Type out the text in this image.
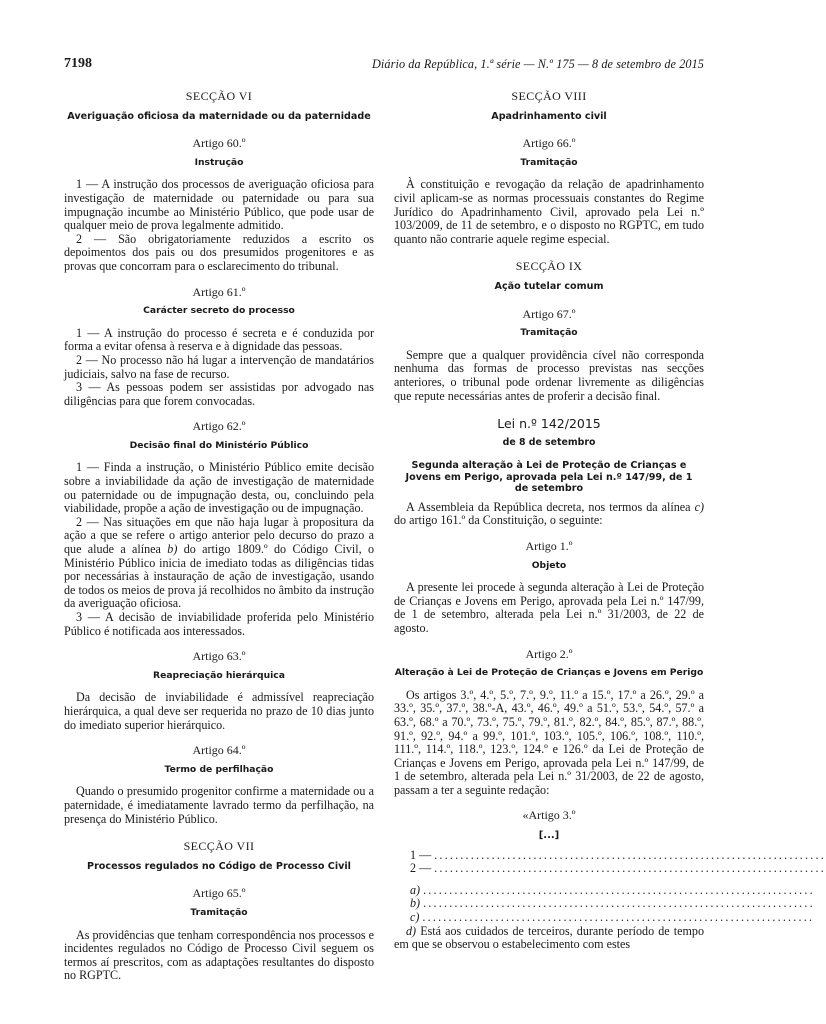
7198	Diário da República, 1.ª série — N.º 175 — 8 de setembro de 2015
SECÇÃO VI
Averiguação oficiosa da maternidade ou da paternidade
Artigo 60.º
Instrução

1 — A instrução dos processos de averiguação oficiosa para investigação de maternidade ou paternidade ou para sua impugnação incumbe ao Ministério Público, que pode usar de qualquer meio de prova legalmente admitido.

2 — São obrigatoriamente reduzidos a escrito os depoimentos dos pais ou dos presumidos progenitores e as provas que concorram para o esclarecimento do tribunal.

Artigo 61.º
Carácter secreto do processo

1 — A instrução do processo é secreta e é conduzida por forma a evitar ofensa à reserva e à dignidade das pessoas.

2 — No processo não há lugar a intervenção de mandatários judiciais, salvo na fase de recurso.

3 — As pessoas podem ser assistidas por advogado nas diligências para que forem convocadas.

Artigo 62.º
Decisão final do Ministério Público

1 — Finda a instrução, o Ministério Público emite decisão sobre a inviabilidade da ação de investigação de maternidade ou paternidade ou de impugnação desta, ou, concluindo pela viabilidade, propõe a ação de investigação ou de impugnação.

2 — Nas situações em que não haja lugar à propositura da ação a que se refere o artigo anterior pelo decurso do prazo a que alude a alínea b) do artigo 1809.º do Código Civil, o Ministério Público inicia de imediato todas as diligências tidas por necessárias à instauração de ação de investigação, usando de todos os meios de prova já recolhidos no âmbito da instrução da averiguação oficiosa.

3 — A decisão de inviabilidade proferida pelo Ministério Público é notificada aos interessados.

Artigo 63.º
Reapreciação hierárquica

Da decisão de inviabilidade é admissível reapreciação hierárquica, a qual deve ser requerida no prazo de 10 dias junto do imediato superior hierárquico.

Artigo 64.º
Termo de perfilhação

Quando o presumido progenitor confirme a maternidade ou a paternidade, é imediatamente lavrado termo da perfilhação, na presença do Ministério Público.

SECÇÃO VII
Processos regulados no Código de Processo Civil
Artigo 65.º
Tramitação

As providências que tenham correspondência nos processos e incidentes regulados no Código de Processo Civil seguem os termos aí prescritos, com as adaptações resultantes do disposto no RGPTC.

SECÇÃO VIII
Apadrinhamento civil
Artigo 66.º
Tramitação

À constituição e revogação da relação de apadrinhamento civil aplicam-se as normas processuais constantes do Regime Jurídico do Apadrinhamento Civil, aprovado pela Lei n.º 103/2009, de 11 de setembro, e o disposto no RGPTC, em tudo quanto não contrarie aquele regime especial.

SECÇÃO IX
Ação tutelar comum
Artigo 67.º
Tramitação

Sempre que a qualquer providência cível não corresponda nenhuma das formas de processo previstas nas secções anteriores, o tribunal pode ordenar livremente as diligências que repute necessárias antes de proferir a decisão final.

Lei n.º 142/2015
de 8 de setembro
Segunda alteração à Lei de Proteção de Crianças e Jovens em Perigo, aprovada pela Lei n.º 147/99, de 1 de setembro

A Assembleia da República decreta, nos termos da alínea c) do artigo 161.º da Constituição, o seguinte:

Artigo 1.º
Objeto

A presente lei procede à segunda alteração à Lei de Proteção de Crianças e Jovens em Perigo, aprovada pela Lei n.º 147/99, de 1 de setembro, alterada pela Lei n.º 31/2003, de 22 de agosto.

Artigo 2.º
Alteração à Lei de Proteção de Crianças e Jovens em Perigo

Os artigos 3.º, 4.º, 5.º, 7.º, 9.º, 11.º a 15.º, 17.º a 26.º, 29.º a 33.º, 35.º, 37.º, 38.º-A, 43.º, 46.º, 49.º a 51.º, 53.º, 54.º, 57.º a 63.º, 68.º a 70.º, 73.º, 75.º, 79.º, 81.º, 82.º, 84.º, 85.º, 87.º, 88.º, 91.º, 92.º, 94.º a 99.º, 101.º, 103.º, 105.º, 106.º, 108.º, 110.º, 111.º, 114.º, 118.º, 123.º, 124.º e 126.º da Lei de Proteção de Crianças e Jovens em Perigo, aprovada pela Lei n.º 147/99, de 1 de setembro, alterada pela Lei n.º 31/2003, de 22 de agosto, passam a ter a seguinte redação:

«Artigo 3.º
[...]
1 — ...........................................................................
2 — ...........................................................................
a) ...........................................................................
b) ...........................................................................
c) ...........................................................................

d) Está aos cuidados de terceiros, durante período de tempo em que se observou o estabelecimento com estes
